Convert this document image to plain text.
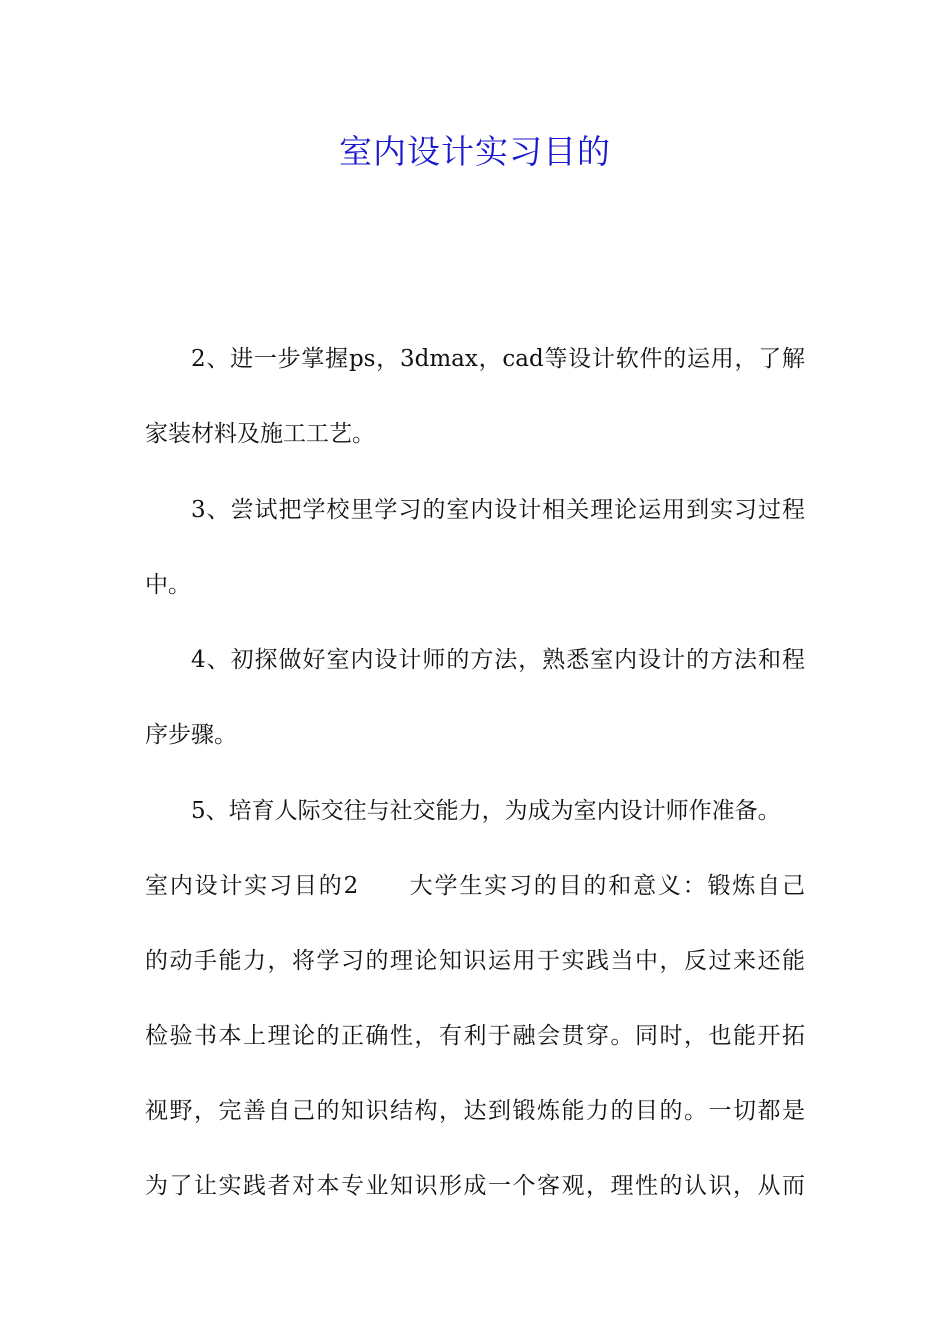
室内设计实习目的
2、进一步掌握ps，3dmax，cad等设计软件的运用，了解
家装材料及施工工艺。
3、尝试把学校里学习的室内设计相关理论运用到实习过程
中。
4、初探做好室内设计师的方法，熟悉室内设计的方法和程
序步骤。
5、培育人际交往与社交能力，为成为室内设计师作准备。
室内设计实习目的2　　大学生实习的目的和意义：锻炼自己
的动手能力，将学习的理论知识运用于实践当中，反过来还能
检验书本上理论的正确性，有利于融会贯穿。同时，也能开拓
视野，完善自己的知识结构，达到锻炼能力的目的。一切都是
为了让实践者对本专业知识形成一个客观，理性的认识，从而
